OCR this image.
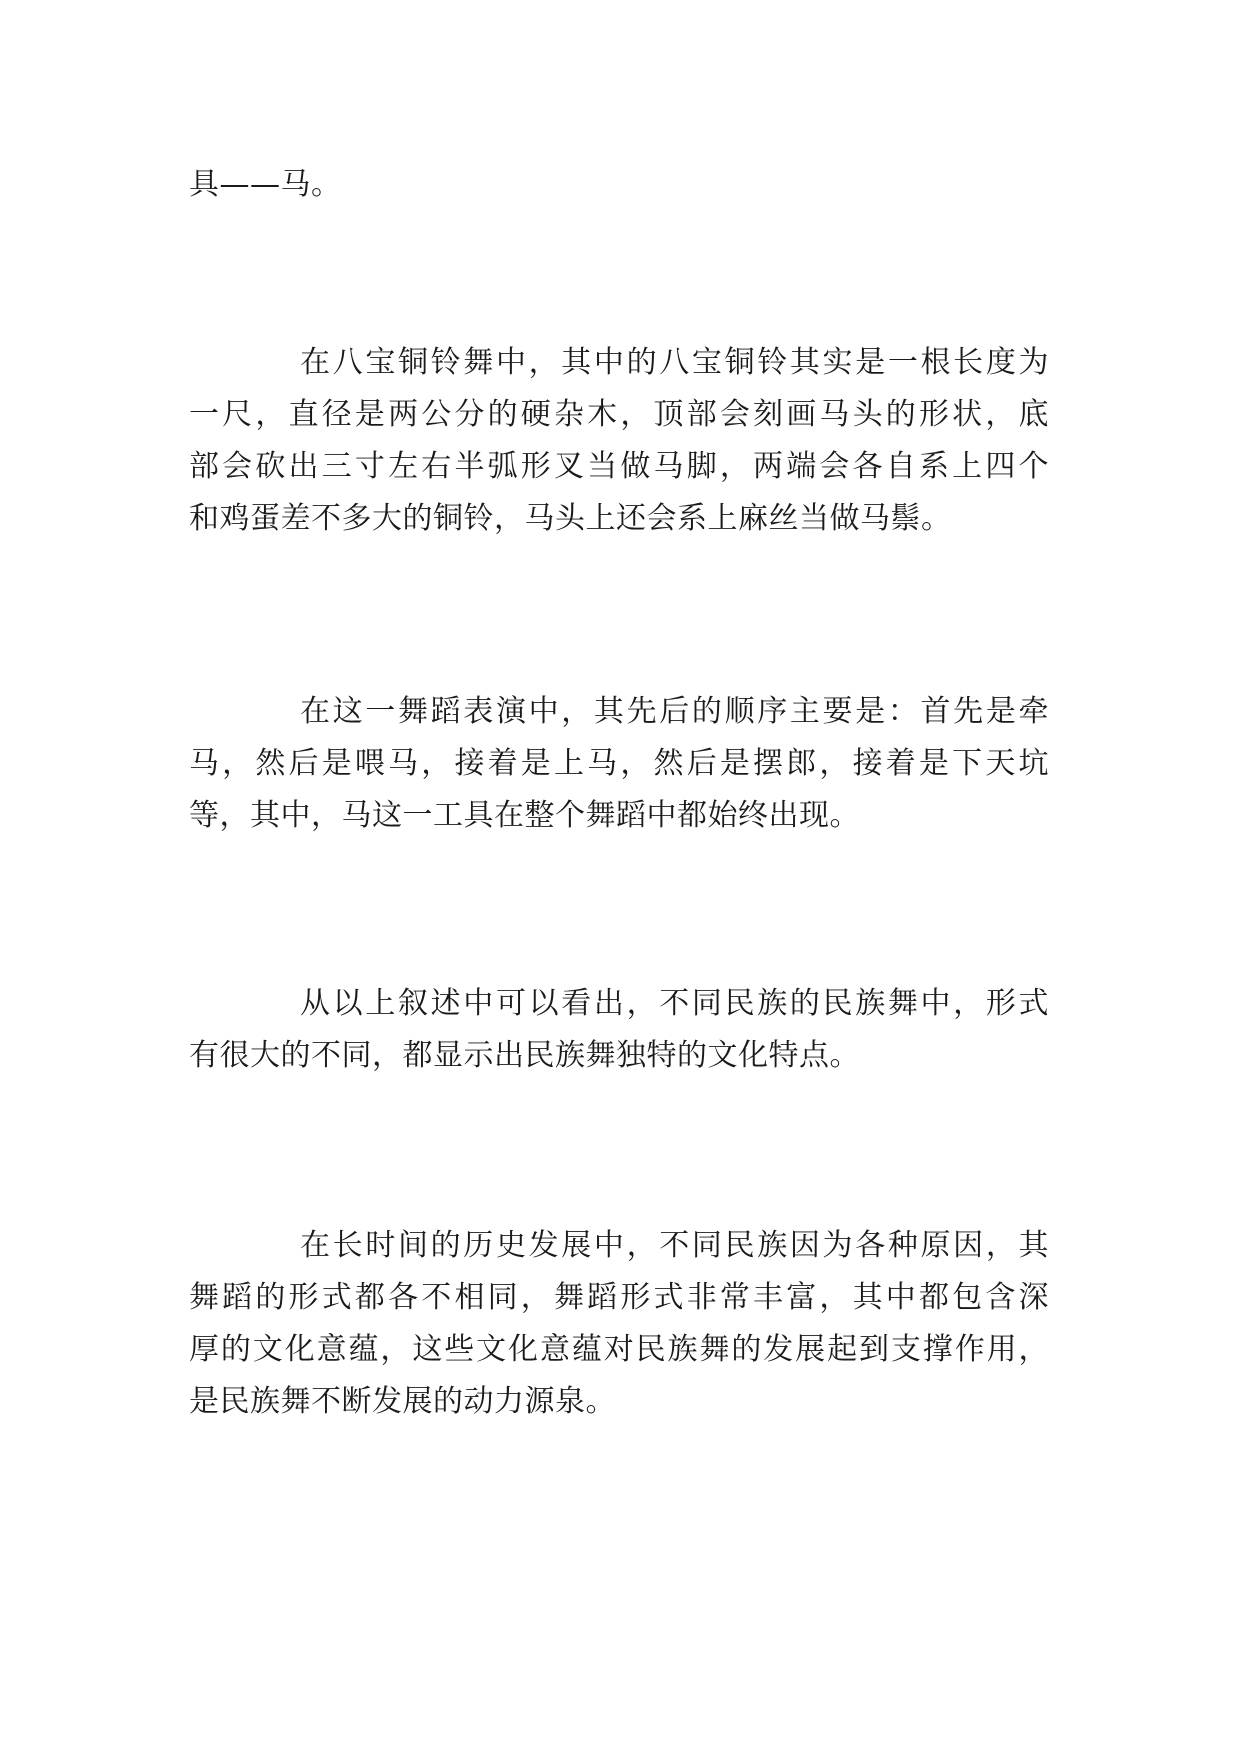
具——马。

在八宝铜铃舞中，其中的八宝铜铃其实是一根长度为
一尺，直径是两公分的硬杂木，顶部会刻画马头的形状，底
部会砍出三寸左右半弧形叉当做马脚，两端会各自系上四个
和鸡蛋差不多大的铜铃，马头上还会系上麻丝当做马鬃。

在这一舞蹈表演中，其先后的顺序主要是：首先是牵
马，然后是喂马，接着是上马，然后是摆郎，接着是下天坑
等，其中，马这一工具在整个舞蹈中都始终出现。

从以上叙述中可以看出，不同民族的民族舞中，形式
有很大的不同，都显示出民族舞独特的文化特点。

在长时间的历史发展中，不同民族因为各种原因，其
舞蹈的形式都各不相同，舞蹈形式非常丰富，其中都包含深
厚的文化意蕴，这些文化意蕴对民族舞的发展起到支撑作用，
是民族舞不断发展的动力源泉。
